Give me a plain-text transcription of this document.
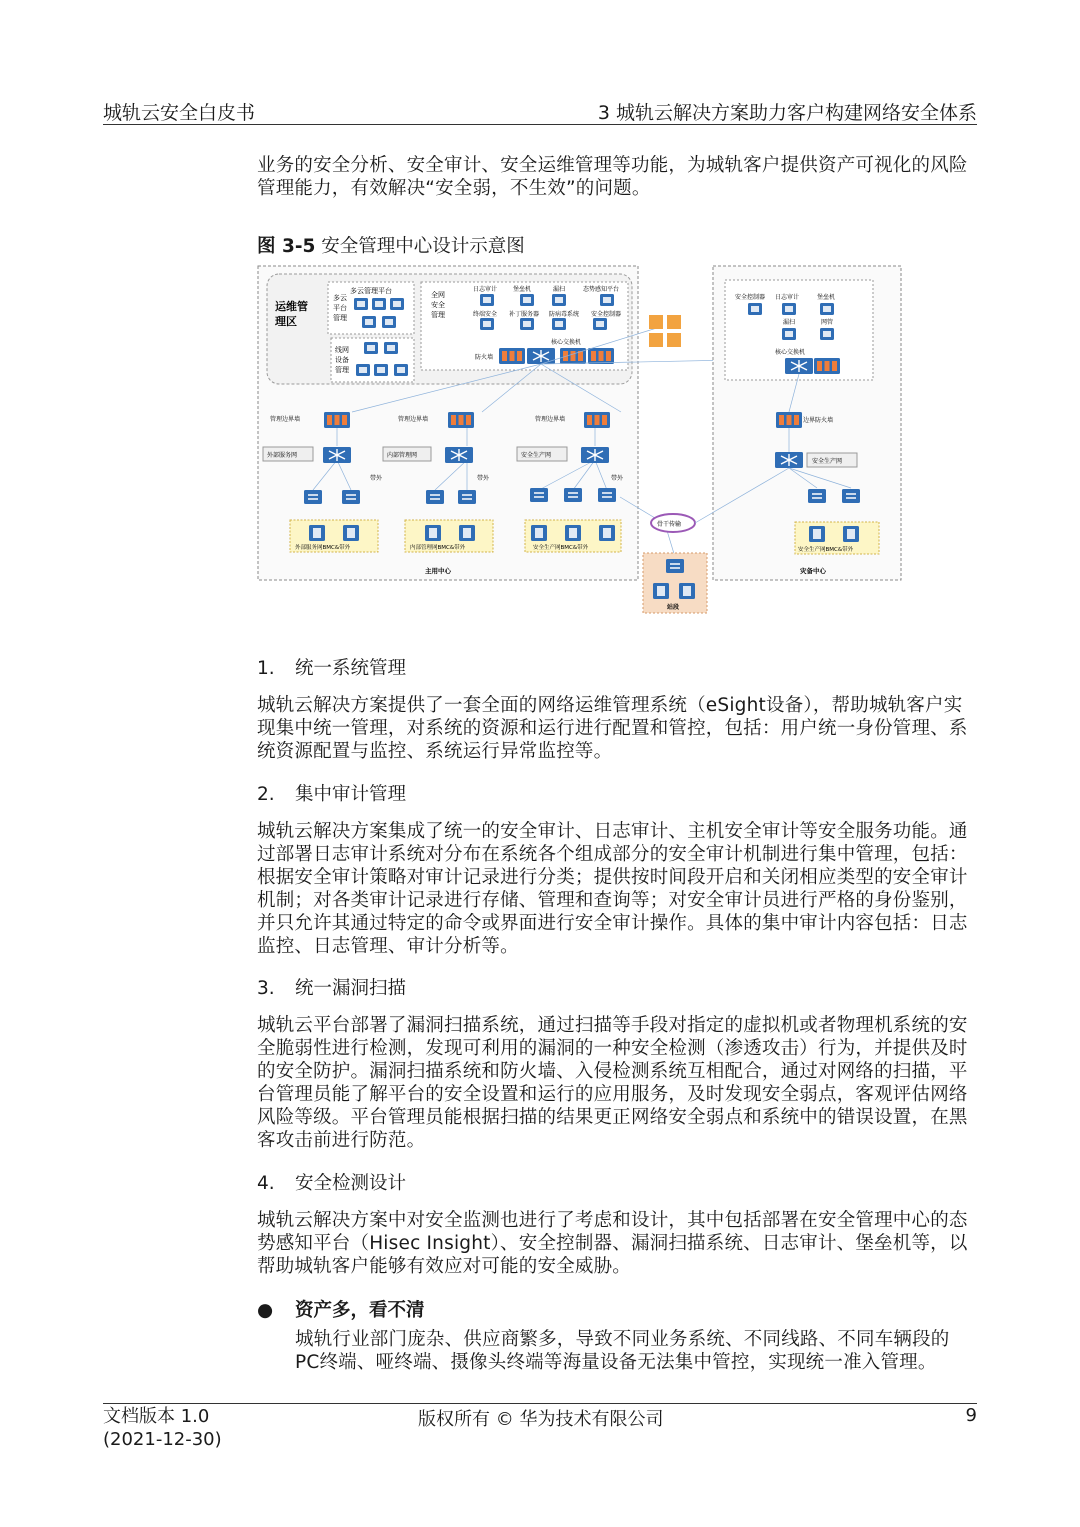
城轨云安全白皮书	3 城轨云解决方案助力客户构建网络安全体系
业务的安全分析、安全审计、安全运维管理等功能，为城轨客户提供资产可视化的风险管理能力，有效解决“安全弱，不生效”的问题。
图 3-5 安全管理中心设计示意图
运维管
理区
多云管理平台
多云
平台
管理
线网
设备
管理
全网
安全
管理
日志审计	堡垒机	漏扫	态势感知平台
终端安全 补丁服务器 防病毒系统 安全控制器
核心交换机
防火墙
管理边界墙
外部服务网
带外
外部服务网BMC&带外
管理边界墙
内部管理网
带外
内部管理网BMC&带外
管理边界墙
安全生产网
带外
安全生产网BMC&带外
主用中心
骨干传输
站段
安全控制器 日志审计	堡垒机
漏扫	网管
核心交换机
边界防火墙
安全生产网
安全生产网BMC&带外
灾备中心
1. 统一系统管理
城轨云解决方案提供了一套全面的网络运维管理系统（eSight设备），帮助城轨客户实现集中统一管理，对系统的资源和运行进行配置和管控，包括：用户统一身份管理、系统资源配置与监控、系统运行异常监控等。
2. 集中审计管理
城轨云解决方案集成了统一的安全审计、日志审计、主机安全审计等安全服务功能。通过部署日志审计系统对分布在系统各个组成部分的安全审计机制进行集中管理，包括：根据安全审计策略对审计记录进行分类；提供按时间段开启和关闭相应类型的安全审计机制；对各类审计记录进行存储、管理和查询等；对安全审计员进行严格的身份鉴别，并只允许其通过特定的命令或界面进行安全审计操作。具体的集中审计内容包括：日志监控、日志管理、审计分析等。
3. 统一漏洞扫描
城轨云平台部署了漏洞扫描系统，通过扫描等手段对指定的虚拟机或者物理机系统的安全脆弱性进行检测，发现可利用的漏洞的一种安全检测（渗透攻击）行为，并提供及时的安全防护。漏洞扫描系统和防火墙、入侵检测系统互相配合，通过对网络的扫描，平台管理员能了解平台的安全设置和运行的应用服务，及时发现安全弱点，客观评估网络风险等级。平台管理员能根据扫描的结果更正网络安全弱点和系统中的错误设置，在黑客攻击前进行防范。
4. 安全检测设计
城轨云解决方案中对安全监测也进行了考虑和设计，其中包括部署在安全管理中心的态势感知平台（Hisec Insight）、安全控制器、漏洞扫描系统、日志审计、堡垒机等，以帮助城轨客户能够有效应对可能的安全威胁。
● 资产多，看不清
城轨行业部门庞杂、供应商繁多，导致不同业务系统、不同线路、不同车辆段的PC终端、哑终端、摄像头终端等海量设备无法集中管控，实现统一准入管理。
文档版本 1.0
(2021-12-30)
版权所有 © 华为技术有限公司	9
